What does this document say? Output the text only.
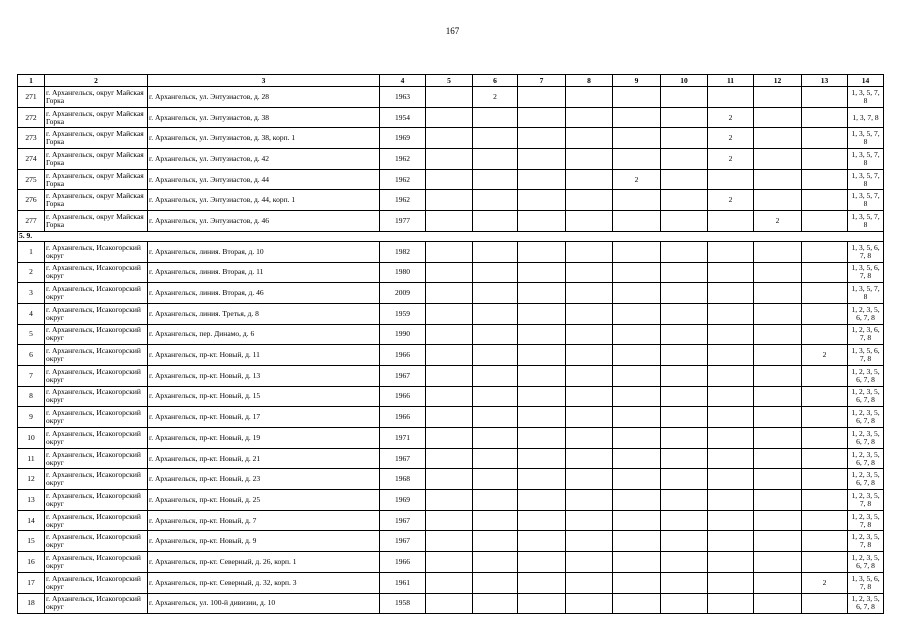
167
1	2	3	4	5	6	7	8	9	10	11	12	13	14
271	г. Архангельск, округ Майская Горка	г. Архангельск, ул. Энтузиастов, д. 28	1963		2								1, 3, 5, 7, 8
272	г. Архангельск, округ Майская Горка	г. Архангельск, ул. Энтузиастов, д. 38	1954							2			1, 3, 7, 8
273	г. Архангельск, округ Майская Горка	г. Архангельск, ул. Энтузиастов, д. 38, корп. 1	1969							2			1, 3, 5, 7, 8
274	г. Архангельск, округ Майская Горка	г. Архангельск, ул. Энтузиастов, д. 42	1962							2			1, 3, 5, 7, 8
275	г. Архангельск, округ Майская Горка	г. Архангельск, ул. Энтузиастов, д. 44	1962					2					1, 3, 5, 7, 8
276	г. Архангельск, округ Майская Горка	г. Архангельск, ул. Энтузиастов, д. 44, корп. 1	1962							2			1, 3, 5, 7, 8
277	г. Архангельск, округ Майская Горка	г. Архангельск, ул. Энтузиастов, д. 46	1977								2		1, 3, 5, 7, 8
5. 9.													
1	г. Архангельск, Исакогорский округ	г. Архангельск, линия. Вторая, д. 10	1982										1, 3, 5, 6, 7, 8
2	г. Архангельск, Исакогорский округ	г. Архангельск, линия. Вторая, д. 11	1980										1, 3, 5, 6, 7, 8
3	г. Архангельск, Исакогорский округ	г. Архангельск, линия. Вторая, д. 46	2009										1, 3, 5, 7, 8
4	г. Архангельск, Исакогорский округ	г. Архангельск, линия. Третья, д. 8	1959										1, 2, 3, 5, 6, 7, 8
5	г. Архангельск, Исакогорский округ	г. Архангельск, пер. Динамо, д. 6	1990										1, 2, 3, 6, 7, 8
6	г. Архангельск, Исакогорский округ	г. Архангельск, пр-кт. Новый, д. 11	1966									2	1, 3, 5, 6, 7, 8
7	г. Архангельск, Исакогорский округ	г. Архангельск, пр-кт. Новый, д. 13	1967										1, 2, 3, 5, 6, 7, 8
8	г. Архангельск, Исакогорский округ	г. Архангельск, пр-кт. Новый, д. 15	1966										1, 2, 3, 5, 6, 7, 8
9	г. Архангельск, Исакогорский округ	г. Архангельск, пр-кт. Новый, д. 17	1966										1, 2, 3, 5, 6, 7, 8
10	г. Архангельск, Исакогорский округ	г. Архангельск, пр-кт. Новый, д. 19	1971										1, 2, 3, 5, 6, 7, 8
11	г. Архангельск, Исакогорский округ	г. Архангельск, пр-кт. Новый, д. 21	1967										1, 2, 3, 5, 6, 7, 8
12	г. Архангельск, Исакогорский округ	г. Архангельск, пр-кт. Новый, д. 23	1968										1, 2, 3, 5, 6, 7, 8
13	г. Архангельск, Исакогорский округ	г. Архангельск, пр-кт. Новый, д. 25	1969										1, 2, 3, 5, 7, 8
14	г. Архангельск, Исакогорский округ	г. Архангельск, пр-кт. Новый, д. 7	1967										1, 2, 3, 5, 7, 8
15	г. Архангельск, Исакогорский округ	г. Архангельск, пр-кт. Новый, д. 9	1967										1, 2, 3, 5, 7, 8
16	г. Архангельск, Исакогорский округ	г. Архангельск, пр-кт. Северный, д. 26, корп. 1	1966										1, 2, 3, 5, 6, 7, 8
17	г. Архангельск, Исакогорский округ	г. Архангельск, пр-кт. Северный, д. 32, корп. 3	1961									2	1, 3, 5, 6, 7, 8
18	г. Архангельск, Исакогорский округ	г. Архангельск, ул. 100-й дивизии, д. 10	1958										1, 2, 3, 5, 6, 7, 8
